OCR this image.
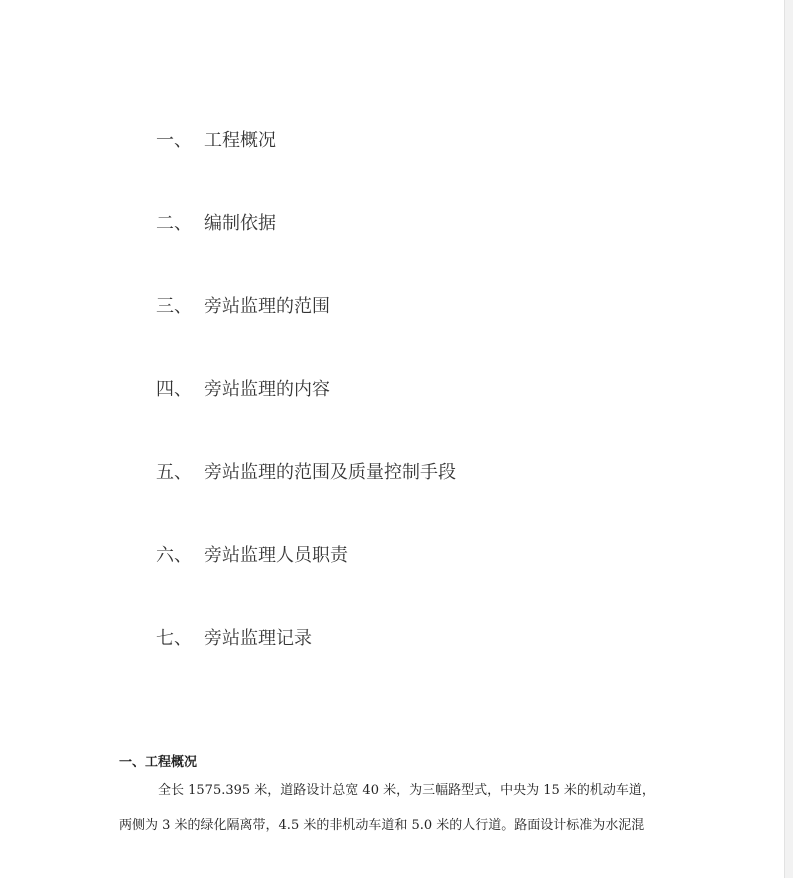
一、 工程概况
二、 编制依据
三、 旁站监理的范围
四、 旁站监理的内容
五、 旁站监理的范围及质量控制手段
六、 旁站监理人员职责
七、 旁站监理记录
一、工程概况
全长 1575.395 米，道路设计总宽 40 米，为三幅路型式，中央为 15 米的机动车道，
两侧为 3 米的绿化隔离带，4.5 米的非机动车道和 5.0 米的人行道。路面设计标准为水泥混
